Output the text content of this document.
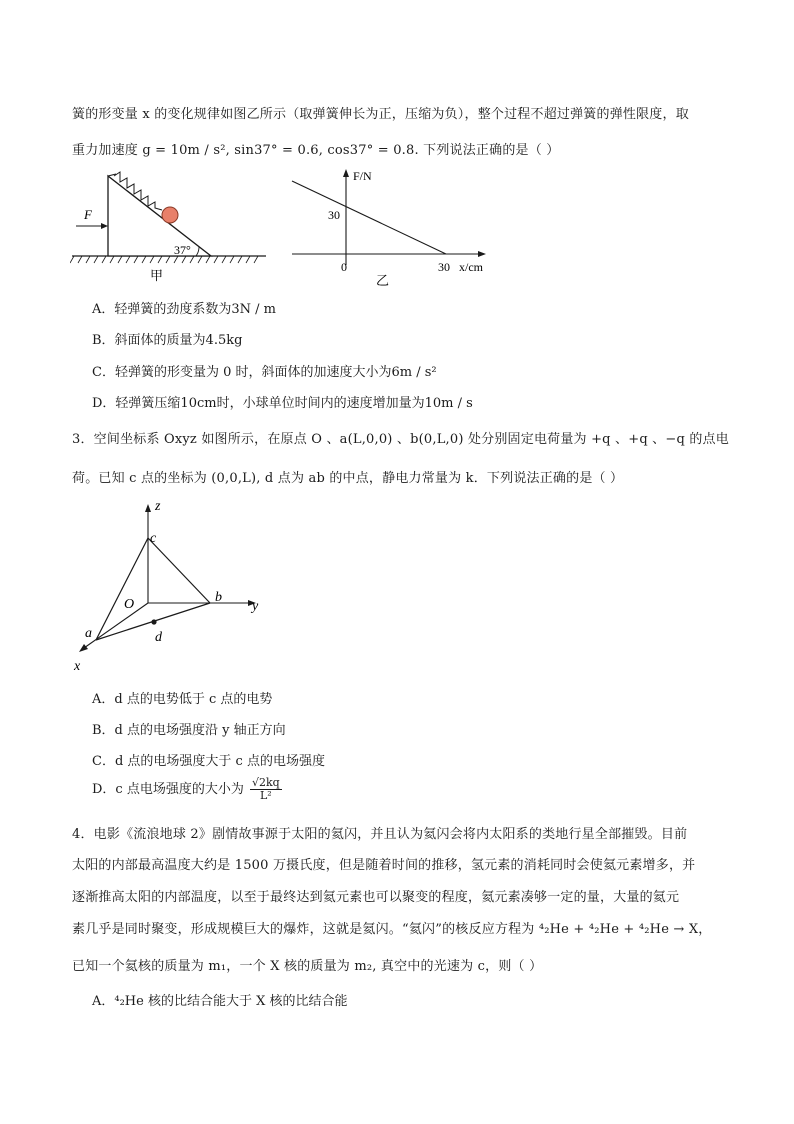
簧的形变量 x 的变化规律如图乙所示（取弹簧伸长为正，压缩为负），整个过程不超过弹簧的弹性限度，取
重力加速度 g = 10m / s², sin37° = 0.6, cos37° = 0.8. 下列说法正确的是（ ）
37°
F
甲
F/N
30
0	30 x/cm
乙
A．轻弹簧的劲度系数为3N / m
B．斜面体的质量为4.5kg
C．轻弹簧的形变量为 0 时，斜面体的加速度大小为6m / s²
D．轻弹簧压缩10cm时，小球单位时间内的速度增加量为10m / s
3．空间坐标系 Oxyz 如图所示，在原点 O 、a(L,0,0) 、b(0,L,0) 处分别固定电荷量为 +q 、+q 、−q 的点电
荷。已知 c 点的坐标为 (0,0,L), d 点为 ab 的中点，静电力常量为 k．下列说法正确的是（ ）
z
c
O	b
y
a	d
x
A．d 点的电势低于 c 点的电势
B．d 点的电场强度沿 y 轴正方向
C．d 点的电场强度大于 c 点的电场强度
D．c 点电场强度的大小为 $\frac{√2kq}{\text{L²}}$
4．电影《流浪地球 2》剧情故事源于太阳的氦闪，并且认为氦闪会将内太阳系的类地行星全部摧毁。目前
太阳的内部最高温度大约是 1500 万摄氏度，但是随着时间的推移，氢元素的消耗同时会使氦元素增多，并
逐渐推高太阳的内部温度，以至于最终达到氦元素也可以聚变的程度，氦元素凑够一定的量，大量的氦元
素几乎是同时聚变，形成规模巨大的爆炸，这就是氦闪。“氦闪”的核反应方程为 ⁴₂He + ⁴₂He + ⁴₂He → X，
已知一个氦核的质量为 m₁，一个 X 核的质量为 m₂, 真空中的光速为 c，则（ ）
A．⁴₂He 核的比结合能大于 X 核的比结合能
